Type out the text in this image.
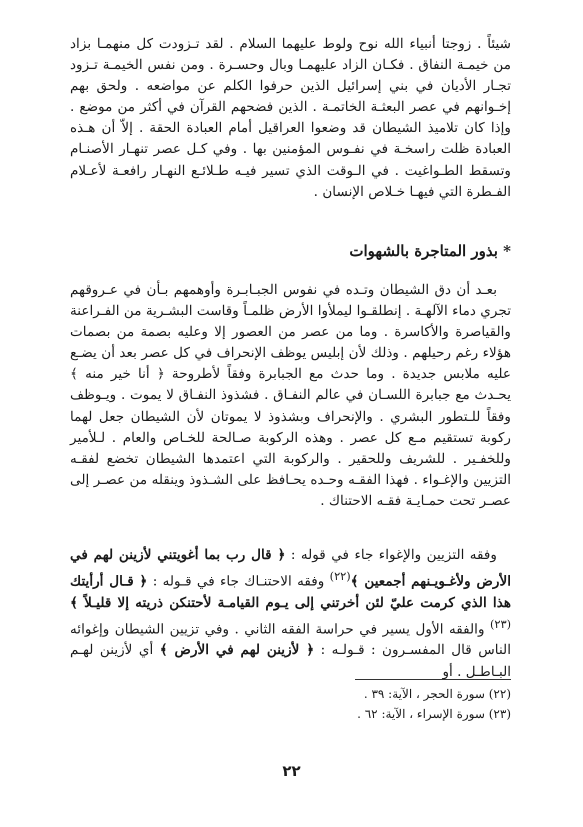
شيئاً . زوجتا أنبياء الله نوح ولوط عليهما السلام . لقد تـزودت كل منهمـا بزاد من خيمـة النفاق . فكـان الزاد عليهمـا وبال وحسـرة . ومن نفس الخيمـة تـزود تجـار الأديان في بني إسرائيل الذين حرفوا الكلم عن مواضعه . ولحق بهم إخـوانهم في عصر البعثـة الخاتمـة . الذين فضحهم القرآن في أكثر من موضع . وإذا كان تلاميذ الشيطان قد وضعوا العراقيل أمام العبادة الحقة . إلاّ أن هـذه العبادة ظلت راسخـة في نفـوس المؤمنين بها . وفي كـل عصر تنهـار الأصنـام وتسقط الطـواغيت . في الـوقت الذي تسير فيـه طـلائـع النهـار رافعـة لأعـلام الفـطرة التي فيهـا خـلاص الإنسان .

* بذور المتاجرة بالشهوات

بعـد أن دق الشيطان وتـده في نفوس الجبـابـرة وأوهمهم بـأن في عـروقهم تجري دماء الآلهـة . إنطلقـوا ليملأوا الأرض ظلمـاً وقاست البشـرية من الفـراعنة والقياصرة والأكاسرة . وما من عصر من العصور إلا وعليه بصمة من بصمات هؤلاء رغم رحيلهم . وذلك لأن إبليس يوظف الإنحراف في كل عصر بعد أن يضـع عليه ملابس جديدة . وما حدث مع الجبابرة وفقاً لأطروحة ﴿ أنا خير منه ﴾ يحـدث مع جبابرة اللسـان في عالم النفـاق . فشذوذ النفـاق لا يموت . ويـوظف وفقاً للـتطور البشري . والإنحراف وبشذوذ لا يموتان لأن الشيطان جعل لهما ركوبة تستقيم مـع كل عصر . وهذه الركوبة صـالحة للخـاص والعام . لـلأمير وللخفـير . للشريف وللحقير . والركوبة التي اعتمدها الشيطان تخضع لفقـه التزيين والإغـواء . فهذا الفقـه وحـده يحـافظ على الشـذوذ وينقله من عصـر إلى عصـر تحت حمـايـة فقـه الاحتناك .

وفقه التزيين والإغواء جاء في قوله : ﴿ قال رب بما أغويتني لأزينن لهم في الأرض ولأغـويـنهم أجمعين ﴾$^{(٢٢)}$ وفقه الاحتنـاك جاء في قـوله : ﴿ قـال أرأيتك هذا الذي كرمت عليّ لئن أخرتني إلى يـوم القيامـة لأحتنكن ذريته إلا قليـلاً ﴾$^{(٢٣)}$ والفقه الأول يسير في حراسة الفقه الثاني . وفي تزيين الشيطان وإغوائه الناس قال المفسـرون : قـولـه : ﴿ لأزينن لهم في الأرض ﴾ أي لأزينن لهـم البـاطـل . أو

(٢٢) سورة الحجر ، الآية: ٣٩ .
(٢٣) سورة الإسراء ، الآية: ٦٢ .
٢٢
